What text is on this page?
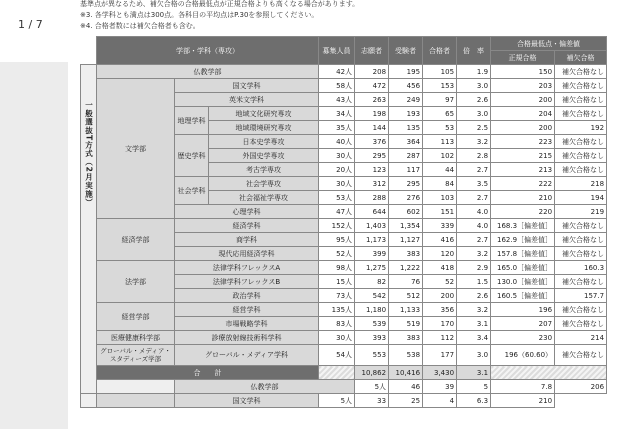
1 / 7
基準点が異なるため、補欠合格の合格最低点が正規合格よりも高くなる場合があります。
※3. 各学科とも満点は300点。各科目の平均点はP.30を参照してください。
※4. 合格者数には補欠合格者も含む。
	学部・学科（専攻）			募集人員	志願者	受験者	合格者	倍　率	合格最低点・偏差値		
									正規合格	補欠合格	

一般選抜T方式（2月実施）	仏教学部			42人	208	195	105	1.9	150	補欠合格なし	
	文学部	国文学科		58人	472	456	153	3.0	203	補欠合格なし	
		英米文学科		43人	263	249	97	2.6	200	補欠合格なし	
		地理学科	地域文化研究専攻	34人	198	193	65	3.0	204	補欠合格なし	
			地域環境研究専攻	35人	144	135	53	2.5	200	192	
		歴史学科	日本史学専攻	40人	376	364	113	3.2	223	補欠合格なし	
			外国史学専攻	30人	295	287	102	2.8	215	補欠合格なし	
			考古学専攻	20人	123	117	44	2.7	213	補欠合格なし	
		社会学科	社会学専攻	30人	312	295	84	3.5	222	218	
			社会福祉学専攻	53人	288	276	103	2.7	210	194	
		心理学科		47人	644	602	151	4.0	220	219	
	経済学部	経済学科		152人	1,403	1,354	339	4.0	168.3［偏差值］	補欠合格なし	
		商学科		95人	1,173	1,127	416	2.7	162.9［偏差值］	補欠合格なし	
		現代応用経済学科		52人	399	383	120	3.2	157.8［偏差值］	補欠合格なし	
	法学部	法律学科フレックスA		98人	1,275	1,222	418	2.9	165.0［偏差值］	160.3	
		法律学科フレックスB		15人	82	76	52	1.5	130.0［偏差值］	補欠合格なし	
		政治学科		73人	542	512	200	2.6	160.5［偏差值］	157.7	
	経営学部	経営学科		135人	1,180	1,133	356	3.2	196	補欠合格なし	
		市場戦略学科		83人	539	519	170	3.1	207	補欠合格なし	
	医療健康科学部	診療放射線技術科学科		30人	393	383	112	3.4	230	214	
	グローバル・メディア・スタディーズ学部	グローバル・メディア学科		54人	553	538	177	3.0	196（60.60）	補欠合格なし	
	合　　計				10,862	10,416	3,430	3.1			
		仏教学部			5人	46	39	5	7.8	206	
		国文学科		5人	33	25	4	6.3	210		
